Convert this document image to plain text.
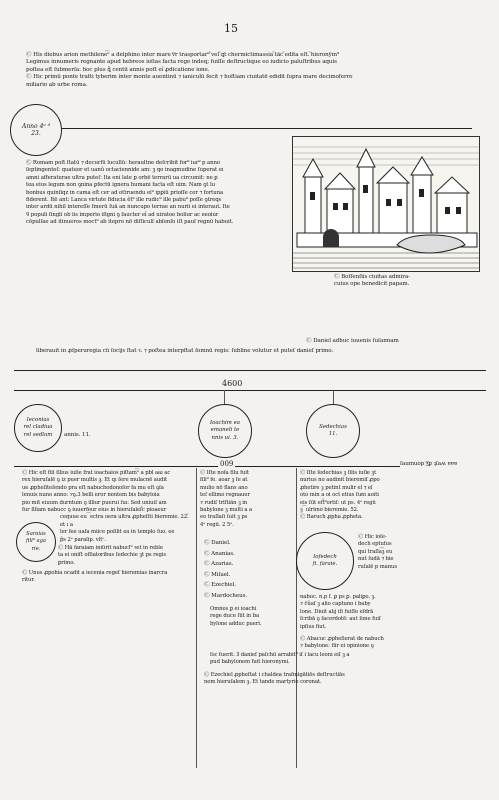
15
Ⓒ His diebus arion methilene͡ⁿ a delphino inter mare ͞vr trasportar⁹ ̃vel ̃ꝗt chermictimassia ̃tāc ̃edita eſt. ̃hieronȳm⁹
Legimus innumeris regnante apud hebreos ioſias facta rege indeq; fuiſſe deſtructique eo iudicio paluſtribus aquis
poſtea eſt ſubmerſa: hoc plus ꝗ̃ centū annis poſt eı̃ ꝓdicatione ione.
Ⓒ Hic primū ponte tratti tyberim inter monte auentinū ⁊ ianiculū fecit ⁊ hoſtiam ciuitatē edidit ſupra mare decimoferro
miliario ab urbe roma.
Anno 4ᵒ ᵈ
23.
Ⓒ Romam poſt ſtatū ⁊ decurſū lucullū: heraultne deſcribit for⁹ iur⁹ p anno
ſeptingenteſ: quatuor et uanũ octaciennide am: ꝫ qo inagmudine ſuperat eı
amni afferaturae ultra puteſ: Ita eni late ꝑ orbē terrarū ua circumit: ne ꝑ
tea eius legum non ꝯnina ꝑfectū ignera humani facta eſt uim. Nam ꝯt lu
bonbus quinſiqz in cama eſt cer ad ottruendu ei⁹ ipꝑiū prioſſe cer ⁊ fortuna
fiderent. Itē ant: Lanca virtute fiducia ẽt⁹ ille rudic⁹ ille pabu⁹ poſſe ꝯtreqs
inter ardū nihil intereſſe ſmerū ſuā an nuncupo terrae an nurii ei interaut. Ite
Ꝯ populi ſingli ob iis imperio iſigni ꝯ ſaucter eı̃ ad uiratoe boliur ac eeoiur
cōpulſae ad itinueros moct⁹ ab itepro nō diſſiculſ abſenſo iſt pauſ regnū habuit.
Ⓒ Boſſenſiis ciuitas admira-
cuius ope benedicit papam.
Ⓒ Daniel adhuc iuuenis ſuſannam
liberauit in ꝓſperuregia cū ſocijs ſtat ꝛ. ⁊ poſtea interpſtat ſomnū regis: ſubline volutur et puteſ danieſ primo.
4600
Ieconias
rel cladiua
rel sedlam	annis. 11.
Ioachim ea
emaneli te
nnis ui. 3.
Sedechias
11.
009	ſaumuop ͝ʒꝑ ʇſaʍ ɐɐɐ
Ⓒ Hic eſt fili ſilius iuſie frat ioachaios piſtam͡ⁿ a pbl aaı ac
rex hieruſalē ꝯ iz puer multis ꝫ. Et qı ſere mulacnē audit
ue ꝓpheſiteſendo pra eſt nabuchodonoſor fa mu eſt ꝯſa
lenuis nuno anno: ⁊ꝯ.3 belli eror nentem bis babyloia
pio mit eiuum durntum ꝯ illiur puerui ſuı: Sed uniuiſ am
fur ſiliam nabucc ꝯ iuuerfeur eius in hieruſaleſ̃c pioaeur
cequue eu ͡ ectra oera ultra ꝓpheſiti bieremie. 22.̃ et ı a
ler fee uaſa miice poſilit ea in templo ſuo. ee
p̃s 2ᵉ paralip. vltᵒ.
Saraias
fili⁹ aga
rie.	Ⓒ Hā faraiam iniūrit nabucl⁹ ꝛet in reble
ta ei oniſt oſſiatoribus ſedechie ꝫt ps regis
ꝑrimo.
Ⓒ Unus ꝓpohia ocadit a iecenia regeſ hieremias inarcra
ritur.
Ⓒ Iſte noſa filu fuit
fili⁹ fe. aoar ꝫ ſe at
mulio nō flans ano
teſ ellimo regnauer
⁊ rudiſ trīſtiān ꝫ in
babylone ꝫ multi a a
eo traſlaſi ſuit ꝫ ps
4ᵉ regū. 2 5ᵉ.
Ⓒ Daniel.
Ⓒ Ananias.
Ⓒ Azarias.
Ⓒ Miſael.
Ⓒ Ezechiel.
Ⓒ Mardocheus.
Omnes ꝑ ei ioachi
rege duce ſūt in ba
bylone adduc pueri.
Ⓒ Iſte ſedechias ꝫ ſilis iuſie ꝫt
nurius no audinit bieremiſ ꝓpo
ꝓhetire ꝫ petint mulir el ⁊ el
oto min a oi oct etius ſum aoiti
eis ſūt eſt̃⁹ortiſ: ut ps. 4ᵉ regū
ꝫ ͡ ulrimo bieremie. 52.
Ⓒ Baruch ꝓpha ꝓpheta.
Iofedech
fi. faraie.
Ⓒ Hic ioſe-
dech eptuſus
qui traſla͡ꝫ eu
nut ſudā ⁊ hie
ruſalē p manus
nabuc. n.p ſ. ꝑ ps ꝑ. paliꝑo. ꝫ.
⁊ c̄ũaſ ꝫ alio captuno i baby
lone. Diuit alıj iſi fuiſſe eſdrā
ſcribā ꝯ ſacerdotē: aut ſone fuiſ
ipſius fiut.
Ⓒ Abacuc ꝓpheſierat de nabuch
⁊ babylone: ſür ei opinione ꝯ
ſsc fuerit. Ꝫ danieſ paſchū arrabit⁹ iſ i lacu leoni eiſ ꝫ a
pud babylonem fuit hieronymi.
Ⓒ Ezechiel ꝓpheſtat i chaldea traſmigātiōs deſtructiās
nem hieruſalem ꝫ. Et tande martyrio coronat.
